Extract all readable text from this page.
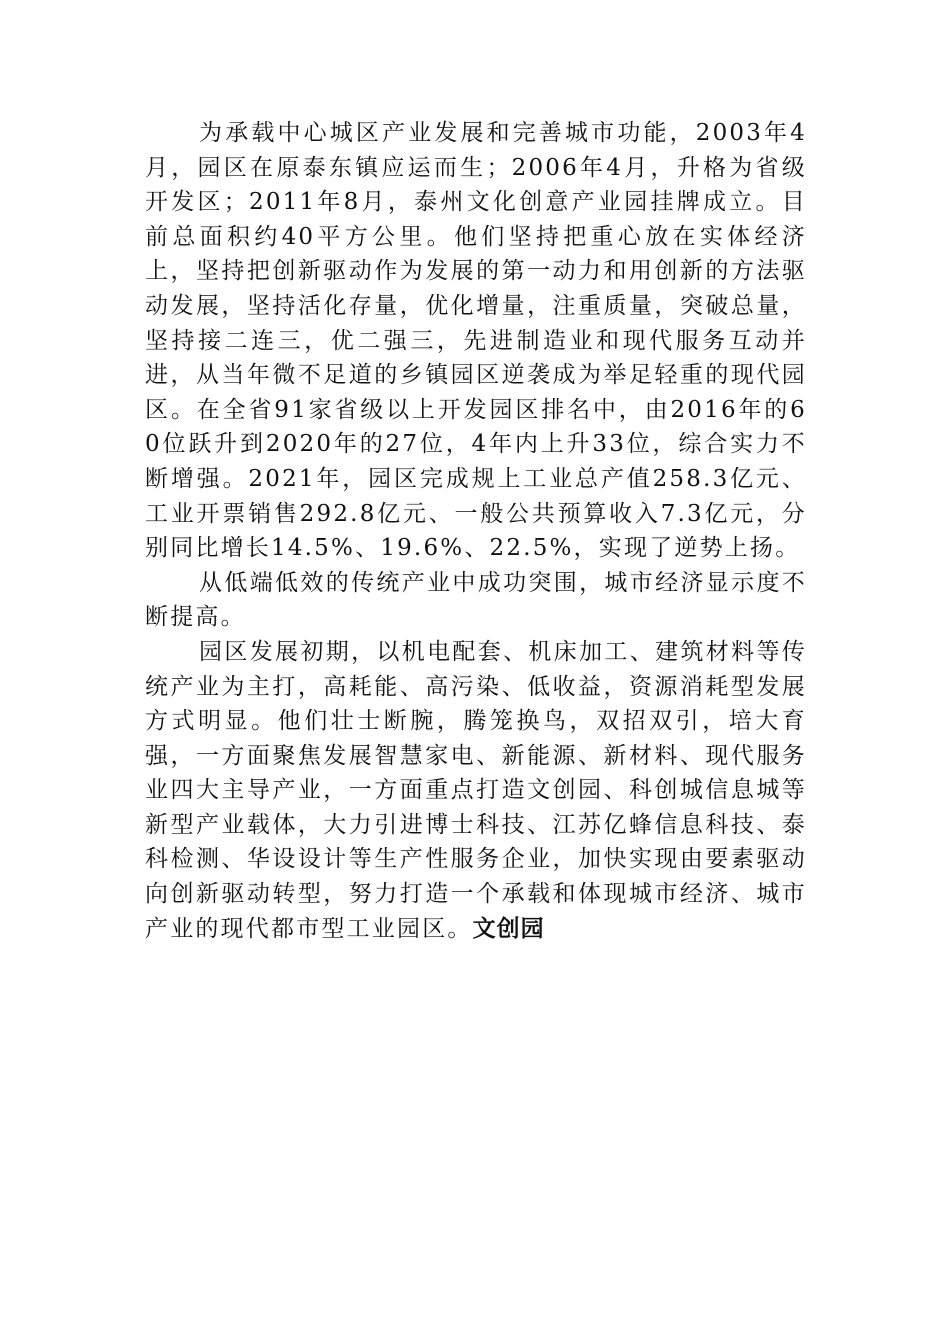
为承载中心城区产业发展和完善城市功能，2003年4月，园区在原泰东镇应运而生；2006年4月，升格为省级开发区；2011年8月，泰州文化创意产业园挂牌成立。目前总面积约40平方公里。他们坚持把重心放在实体经济上，坚持把创新驱动作为发展的第一动力和用创新的方法驱动发展，坚持活化存量，优化增量，注重质量，突破总量，坚持接二连三，优二强三，先进制造业和现代服务互动并进，从当年微不足道的乡镇园区逆袭成为举足轻重的现代园区。在全省91家省级以上开发园区排名中，由2016年的60位跃升到2020年的27位，4年内上升33位，综合实力不断增强。2021年，园区完成规上工业总产值258.3亿元、工业开票销售292.8亿元、一般公共预算收入7.3亿元，分别同比增长14.5%、19.6%、22.5%，实现了逆势上扬。

从低端低效的传统产业中成功突围，城市经济显示度不断提高。

园区发展初期，以机电配套、机床加工、建筑材料等传统产业为主打，高耗能、高污染、低收益，资源消耗型发展方式明显。他们壮士断腕，腾笼换鸟，双招双引，培大育强，一方面聚焦发展智慧家电、新能源、新材料、现代服务业四大主导产业，一方面重点打造文创园、科创城信息城等新型产业载体，大力引进博士科技、江苏亿蜂信息科技、泰科检测、华设设计等生产性服务企业，加快实现由要素驱动向创新驱动转型，努力打造一个承载和体现城市经济、城市产业的现代都市型工业园区。文创园
